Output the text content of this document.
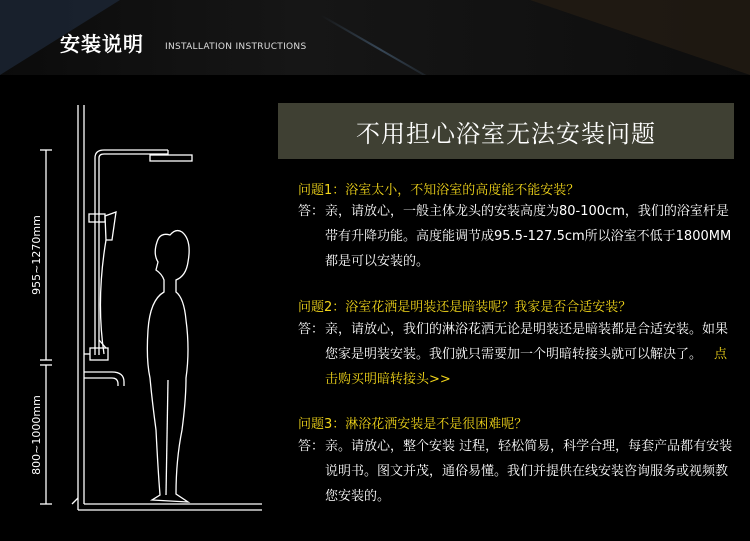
安装说明 INSTALLATION INSTRUCTIONS
不用担心浴室无法安装问题
问题1：浴室太小，不知浴室的高度能不能安装？
答： 亲，请放心，一般主体龙头的安装高度为80-100cm，我们的浴室杆是带有升降功能。高度能调节成95.5-127.5cm所以浴室不低于1800MM都是可以安装的。
问题2：浴室花洒是明装还是暗装呢？我家是否合适安装？
答： 亲，请放心，我们的淋浴花洒无论是明装还是暗装都是合适安装。如果您家是明装安装。我们就只需要加一个明暗转接头就可以解决了。 点击购买明暗转接头>>
问题3：淋浴花洒安装是不是很困难呢？
答： 亲。请放心，整个安装 过程，轻松简易，科学合理，每套产品都有安装说明书。图文并茂，通俗易懂。我们并提供在线安装咨询服务或视频教您安装的。
955~1270mm
800~1000mm
